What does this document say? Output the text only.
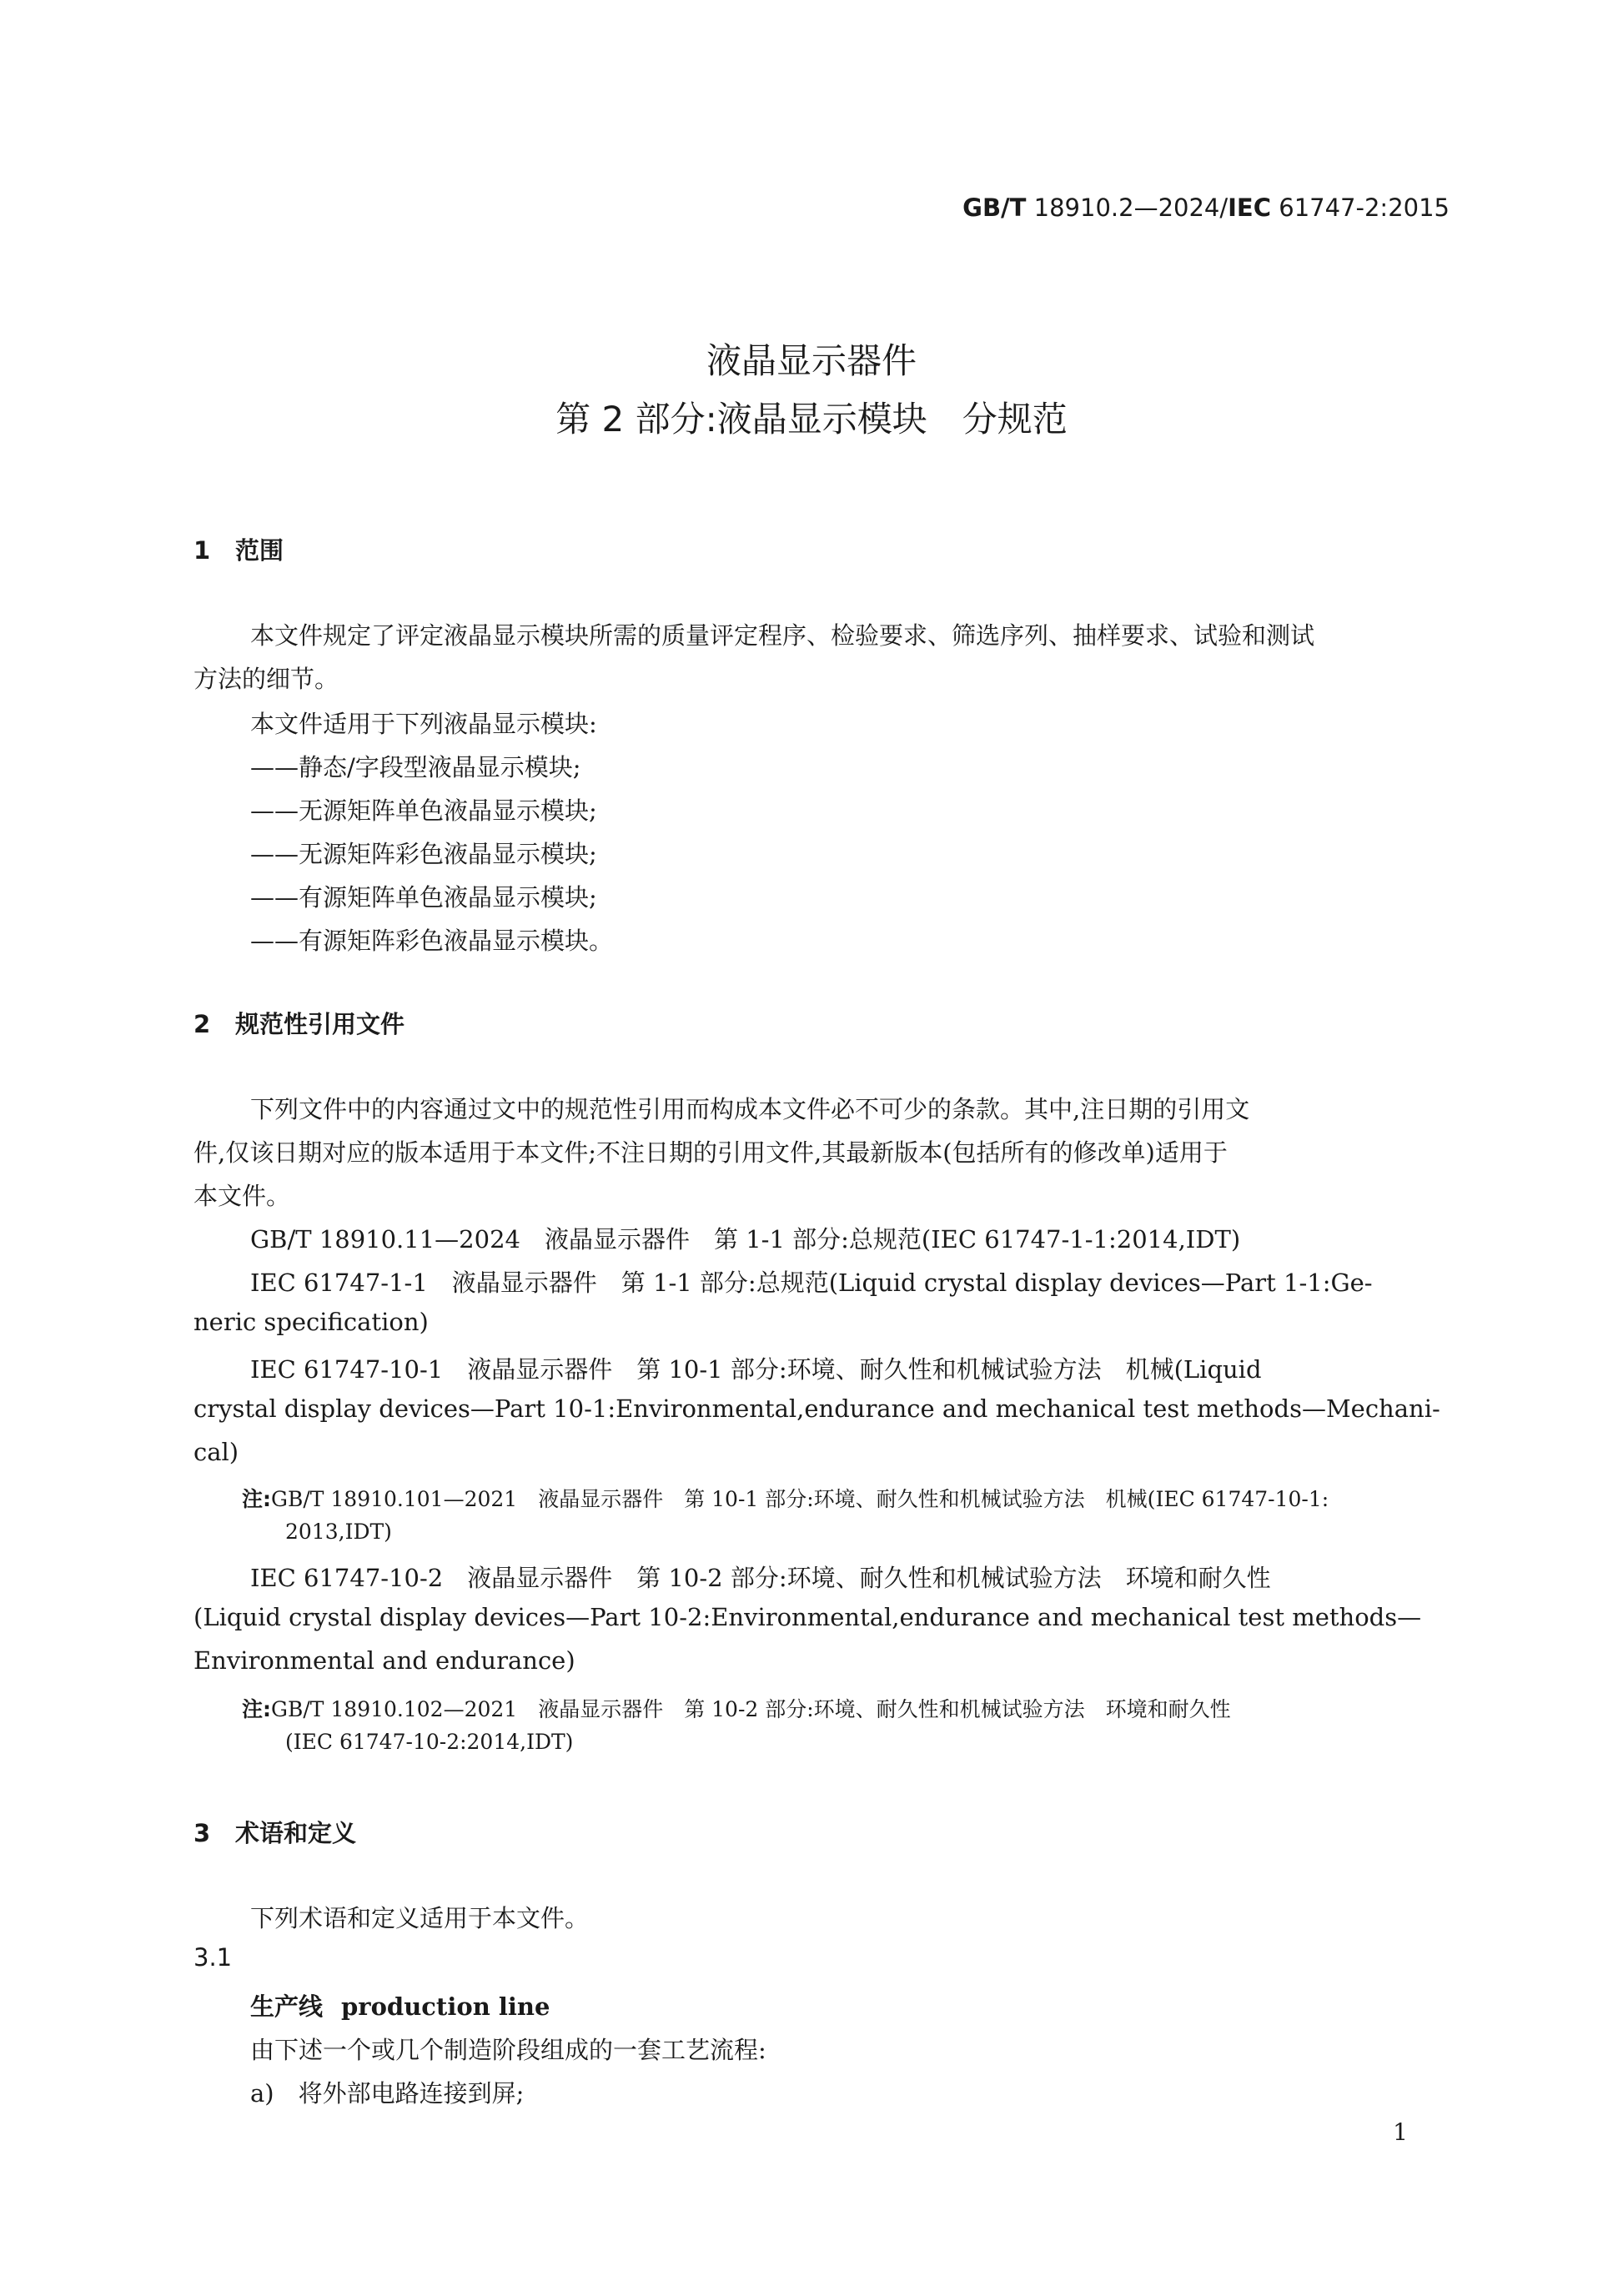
GB/T 18910.2—2024/IEC 61747-2:2015
液晶显示器件
第 2 部分:液晶显示模块　分规范
1 范围
本文件规定了评定液晶显示模块所需的质量评定程序、检验要求、筛选序列、抽样要求、试验和测试
方法的细节。
本文件适用于下列液晶显示模块:
——静态/字段型液晶显示模块;
——无源矩阵单色液晶显示模块;
——无源矩阵彩色液晶显示模块;
——有源矩阵单色液晶显示模块;
——有源矩阵彩色液晶显示模块。
2 规范性引用文件
下列文件中的内容通过文中的规范性引用而构成本文件必不可少的条款。其中,注日期的引用文
件,仅该日期对应的版本适用于本文件;不注日期的引用文件,其最新版本(包括所有的修改单)适用于
本文件。
GB/T 18910.11—2024　液晶显示器件　第 1-1 部分:总规范(IEC 61747-1-1:2014,IDT)
IEC 61747-1-1　液晶显示器件　第 1-1 部分:总规范(Liquid crystal display devices—Part 1-1:Ge-
neric specification)
IEC 61747-10-1　液晶显示器件　第 10-1 部分:环境、耐久性和机械试验方法　机械(Liquid
crystal display devices—Part 10-1:Environmental,endurance and mechanical test methods—Mechani-
cal)
注:GB/T 18910.101—2021　液晶显示器件　第 10-1 部分:环境、耐久性和机械试验方法　机械(IEC 61747-10-1:
2013,IDT)
IEC 61747-10-2　液晶显示器件　第 10-2 部分:环境、耐久性和机械试验方法　环境和耐久性
(Liquid crystal display devices—Part 10-2:Environmental,endurance and mechanical test methods—
Environmental and endurance)
注:GB/T 18910.102—2021　液晶显示器件　第 10-2 部分:环境、耐久性和机械试验方法　环境和耐久性
(IEC 61747-10-2:2014,IDT)
3 术语和定义
下列术语和定义适用于本文件。
3.1
生产线 production line
由下述一个或几个制造阶段组成的一套工艺流程:
a)　将外部电路连接到屏;
1
